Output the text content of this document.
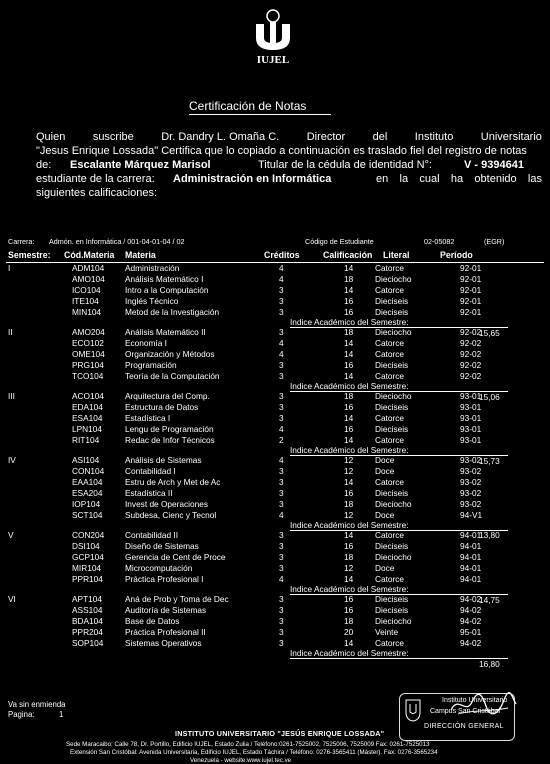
IUJEL
Certificación de Notas
Quien suscribe Dr. Dandry L. Omaña C. Director del Instituto Universitario
"Jesus Enrique Lossada" Certifica que lo copiado a continuación es traslado fiel del registro de notas
de: Escalante Márquez Marisol	Titular de la cédula de identidad N°:	V - 9394641
estudiante de la carrera: Administración en Informática	en la cual ha obtenido las
siguientes calificaciones:
Carrera: Admón. en Informática / 001-04-01-04 / 02	Código de Estudiante	02-05082	(EGR)
Semestre: Cód.Materia Materia	Créditos	Calificación Literal	Período
I	ADM104 Administración	4	14	Catorce	92-01
AMO104 Análisis Matemático I	4	18	Dieciocho	92-01
ICO104	Intro a la Computación	3	14	Catorce	92-01
ITE104	Inglés Técnico	3	16	Dieciseis	92-01
MIN104	Metod de la Investigación	3	16	Dieciseis	92-01
Indice Académico del Semestre:
15,65
II	AMO204 Análisis Matemático II	3	18	Dieciocho	92-02
ECO102	Economía I	4	14	Catorce	92-02
OME104 Organización y Métodos	4	14	Catorce	92-02
PRG104	Programación	3	16	Dieciseis	92-02
TCO104	Teoría de la Computación	3	14	Catorce	92-02
Indice Académico del Semestre:
15,06
III	ACO104	Arquitectura del Comp.	3	18	Dieciocho	93-01
EDA104	Estructura de Datos	3	16	Dieciseis	93-01
ESA104	Estadística I	3	14	Catorce	93-01
LPN104	Lengu de Programación	4	16	Dieciseis	93-01
RIT104	Redac de Infor Técnicos	2	14	Catorce	93-01
Indice Académico del Semestre:
15,73
IV	ASI104	Análisis de Sistemas	4	12	Doce	93-02
CON104 Contabilidad I	3	12	Doce	93-02
EAA104	Estru de Arch y Met de Ac	3	14	Catorce	93-02
ESA204	Estadística II	3	16	Dieciseis	93-02
IOP104	Invest de Operaciones	3	18	Dieciocho	93-02
SCT104	Subdesa, Cienc y Tecnol	4	12	Doce	94-V1
Indice Académico del Semestre:
13,80
V	CON204 Contabilidad II	3	14	Catorce	94-01
DSI104	Diseño de Sistemas	3	16	Dieciseis	94-01
GCP104	Gerencia de Cent de Proce	3	18	Dieciocho	94-01
MIR104	Microcomputación	3	12	Doce	94-01
PPR104	Práctica Profesional I	4	14	Catorce	94-01
Indice Académico del Semestre:
14,75
VI	APT104	Aná de Prob y Toma de Dec	3	16	Dieciseis	94-02
ASS104	Auditoría de Sistemas	3	16	Dieciseis	94-02
BDA104	Base de Datos	3	18	Dieciocho	94-02
PPR204	Práctica Profesional II	3	20	Veinte	95-01
SOP104	Sistemas Operativos	3	14	Catorce	94-02
Indice Académico del Semestre:
16,80
Va sin enmienda
Pagina:	1
Instituto Universitario
Campus San Cristóbal
DIRECCIÓN GENERAL
INSTITUTO UNIVERSITARIO "JESÚS ENRIQUE LOSSADA"
Sede Maracaibo: Calle 78, Dr. Portillo, Edificio IUJEL, Estado Zulia / Teléfono:0261-7525002, 7525006, 7525009 Fax: 0261-7525013
Extensión San Cristóbal: Avenida Universitaria, Edificio IUJEL, Estado Táchira / Teléfono: 0276-3565411 (Máster). Fax: 0276-3565234
Venezuela - website:www.iujel.tec.ve
